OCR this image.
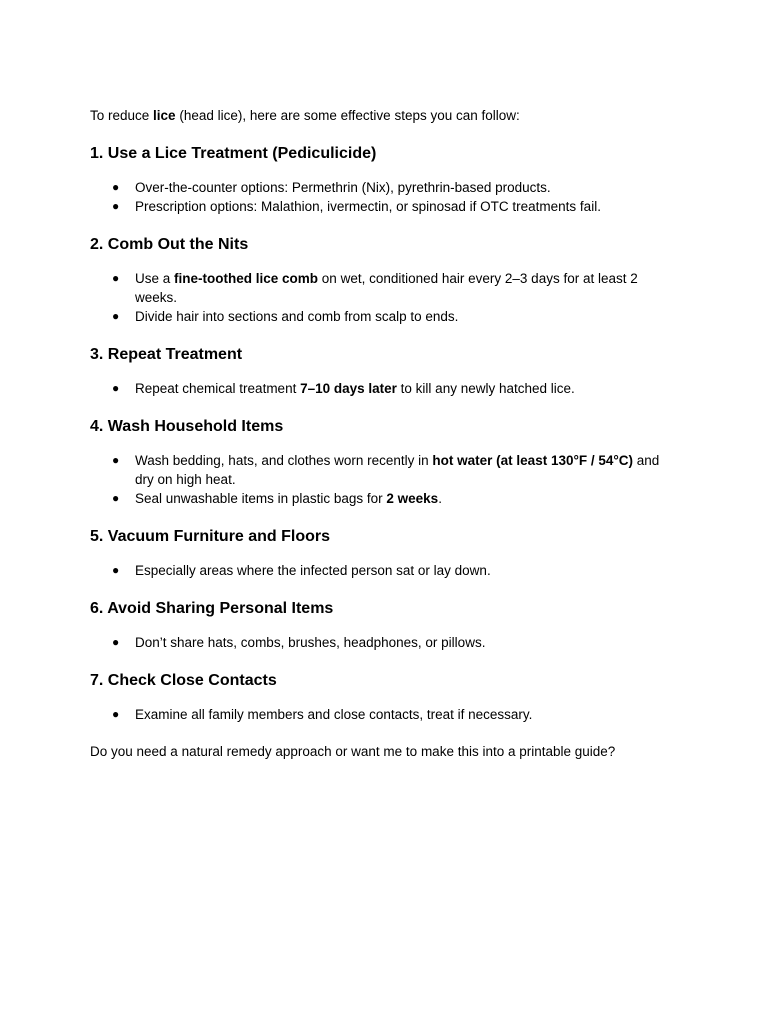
To reduce lice (head lice), here are some effective steps you can follow:

1. Use a Lice Treatment (Pediculicide)
● Over-the-counter options: Permethrin (Nix), pyrethrin-based products.
● Prescription options: Malathion, ivermectin, or spinosad if OTC treatments fail.
2. Comb Out the Nits
● Use a fine-toothed lice comb on wet, conditioned hair every 2–3 days for at least 2 weeks.
● Divide hair into sections and comb from scalp to ends.
3. Repeat Treatment
● Repeat chemical treatment 7–10 days later to kill any newly hatched lice.
4. Wash Household Items
● Wash bedding, hats, and clothes worn recently in hot water (at least 130°F / 54°C) and dry on high heat.
● Seal unwashable items in plastic bags for 2 weeks.
5. Vacuum Furniture and Floors
● Especially areas where the infected person sat or lay down.
6. Avoid Sharing Personal Items
● Don’t share hats, combs, brushes, headphones, or pillows.
7. Check Close Contacts
● Examine all family members and close contacts, treat if necessary.

Do you need a natural remedy approach or want me to make this into a printable guide?
